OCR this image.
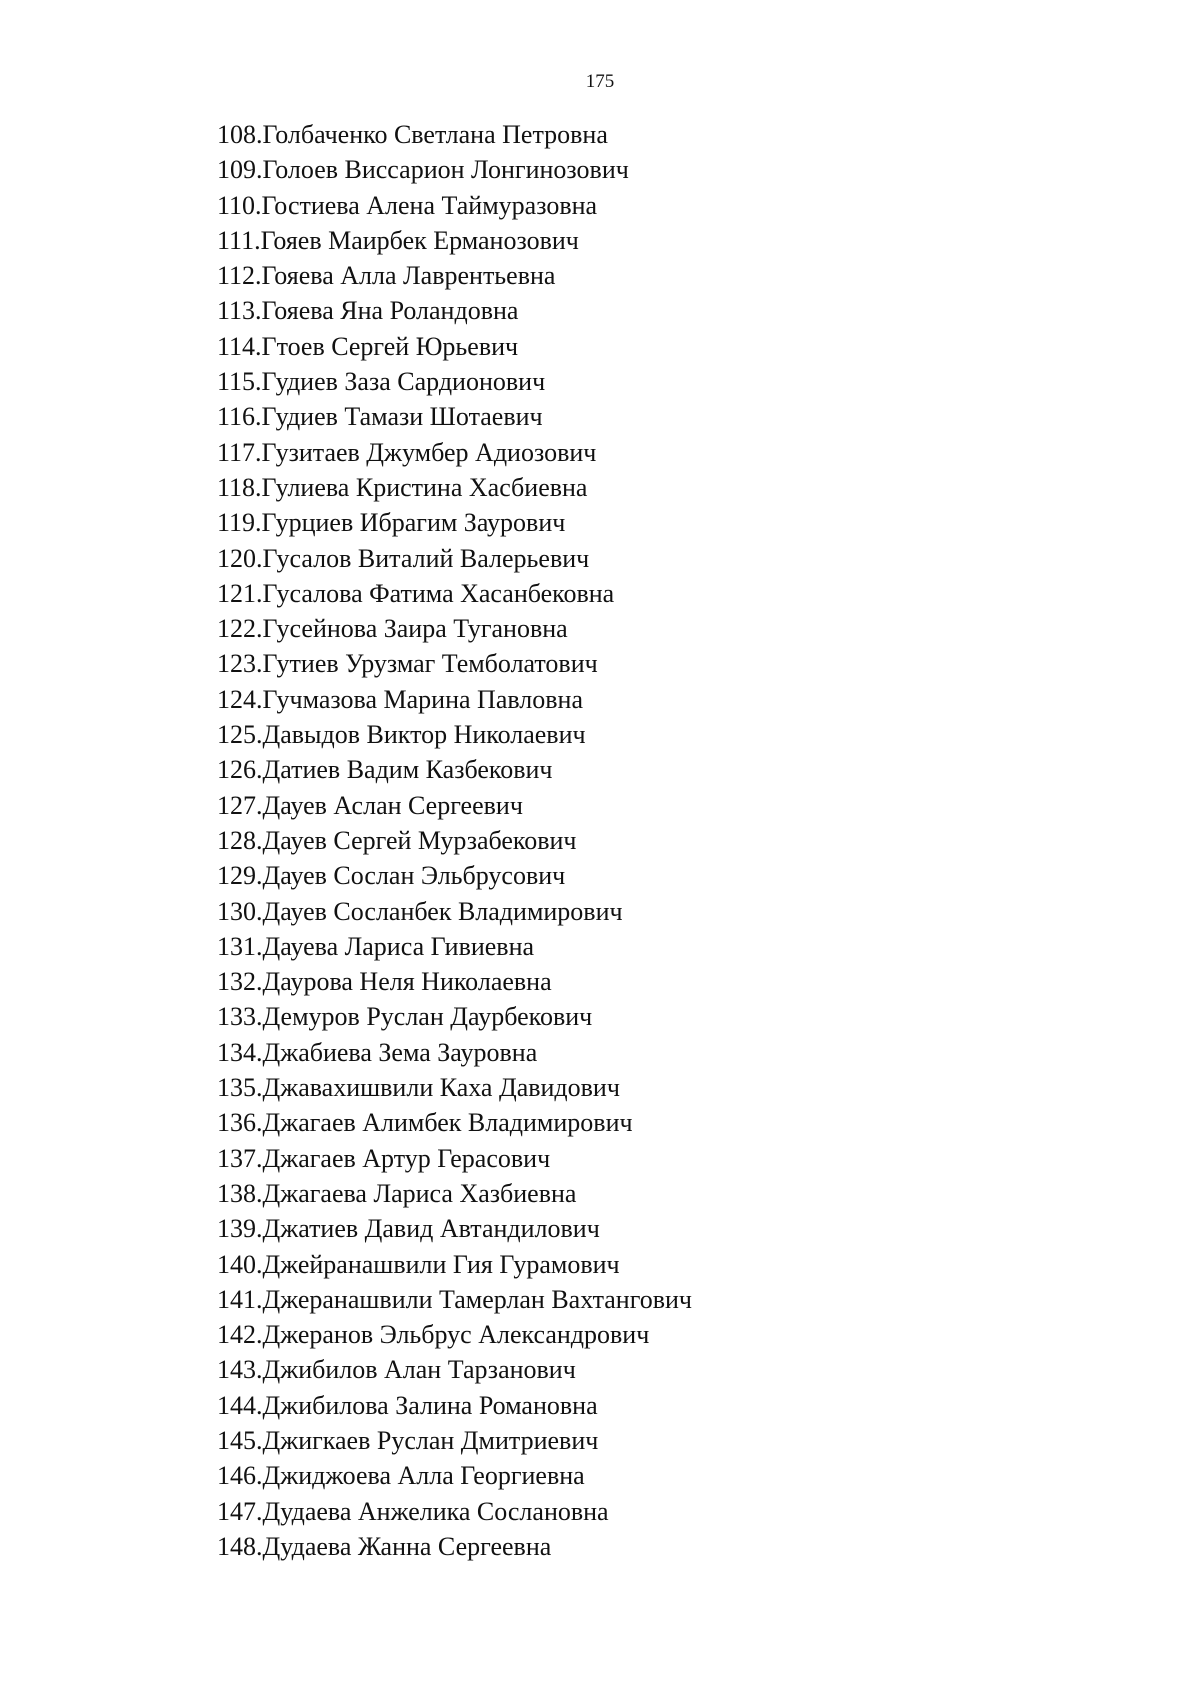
175
108.Голбаченко Светлана Петровна
109.Голоев Виссарион Лонгинозович
110.Гостиева Алена Таймуразовна
111.Гояев Маирбек Ерманозович
112.Гояева Алла Лаврентьевна
113.Гояева Яна Роландовна
114.Гтоев Сергей Юрьевич
115.Гудиев Заза Сардионович
116.Гудиев Тамази Шотаевич
117.Гузитаев Джумбер Адиозович
118.Гулиева Кристина Хасбиевна
119.Гурциев Ибрагим Заурович
120.Гусалов Виталий Валерьевич
121.Гусалова Фатима Хасанбековна
122.Гусейнова Заира Тугановна
123.Гутиев Урузмаг Темболатович
124.Гучмазова Марина Павловна
125.Давыдов Виктор Николаевич
126.Датиев Вадим Казбекович
127.Дауев Аслан Сергеевич
128.Дауев Сергей Мурзабекович
129.Дауев Сослан Эльбрусович
130.Дауев Сосланбек Владимирович
131.Дауева Лариса Гивиевна
132.Даурова Неля Николаевна
133.Демуров Руслан Даурбекович
134.Джабиева Зема Зауровна
135.Джавахишвили Каха Давидович
136.Джагаев Алимбек Владимирович
137.Джагаев Артур Герасович
138.Джагаева Лариса Хазбиевна
139.Джатиев Давид Автандилович
140.Джейранашвили Гия Гурамович
141.Джеранашвили Тамерлан Вахтангович
142.Джеранов Эльбрус Александрович
143.Джибилов Алан Тарзанович
144.Джибилова Залина Романовна
145.Джигкаев Руслан Дмитриевич
146.Джиджоева Алла Георгиевна
147.Дудаева Анжелика Сослановна
148.Дудаева Жанна Сергеевна
